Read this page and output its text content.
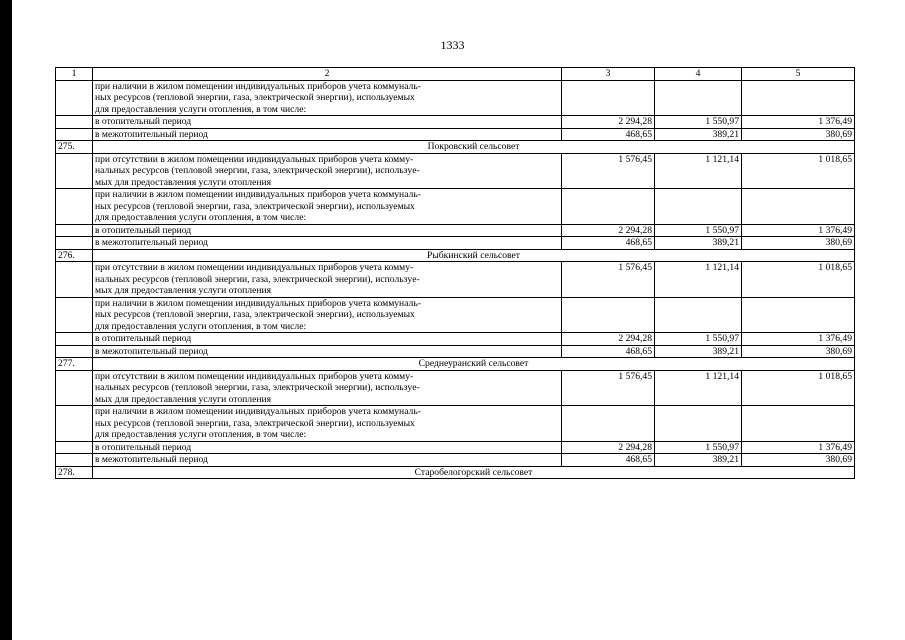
1333
1	2	3	4	5

	при наличии в жилом помещении индивидуальных приборов учета коммуналь-
ных ресурсов (тепловой энергии, газа, электрической энергии), используемых
для предоставления услуги отопления, в том числе:			

	в отопительный период	2 294,28	1 550,97	1 376,49

	в межотопительный период	468,65	389,21	380,69
275.	Покровский сельсовет			

	при отсутствии в жилом помещении индивидуальных приборов учета комму-
нальных ресурсов (тепловой энергии, газа, электрической энергии), использye-
мых для предоставления услуги отопления	1 576,45	1 121,14	1 018,65

	при наличии в жилом помещении индивидуальных приборов учета коммуналь-
ных ресурсов (тепловой энергии, газа, электрической энергии), используемых
для предоставления услуги отопления, в том числе:			

	в отопительный период	2 294,28	1 550,97	1 376,49

	в межотопительный период	468,65	389,21	380,69
276.	Рыбкинский сельсовет			

	при отсутствии в жилом помещении индивидуальных приборов учета комму-
нальных ресурсов (тепловой энергии, газа, электрической энергии), использye-
мых для предоставления услуги отопления	1 576,45	1 121,14	1 018,65

	при наличии в жилом помещении индивидуальных приборов учета коммуналь-
ных ресурсов (тепловой энергии, газа, электрической энергии), используемых
для предоставления услуги отопления, в том числе:			

	в отопительный период	2 294,28	1 550,97	1 376,49

	в межотопительный период	468,65	389,21	380,69
277.	Среднеуранский сельсовет			

	при отсутствии в жилом помещении индивидуальных приборов учета комму-
нальных ресурсов (тепловой энергии, газа, электрической энергии), использye-
мых для предоставления услуги отопления	1 576,45	1 121,14	1 018,65

	при наличии в жилом помещении индивидуальных приборов учета коммуналь-
ных ресурсов (тепловой энергии, газа, электрической энергии), используемых
для предоставления услуги отопления, в том числе:			

	в отопительный период	2 294,28	1 550,97	1 376,49

	в межотопительный период	468,65	389,21	380,69
278.	Старобелогорский сельсовет			
